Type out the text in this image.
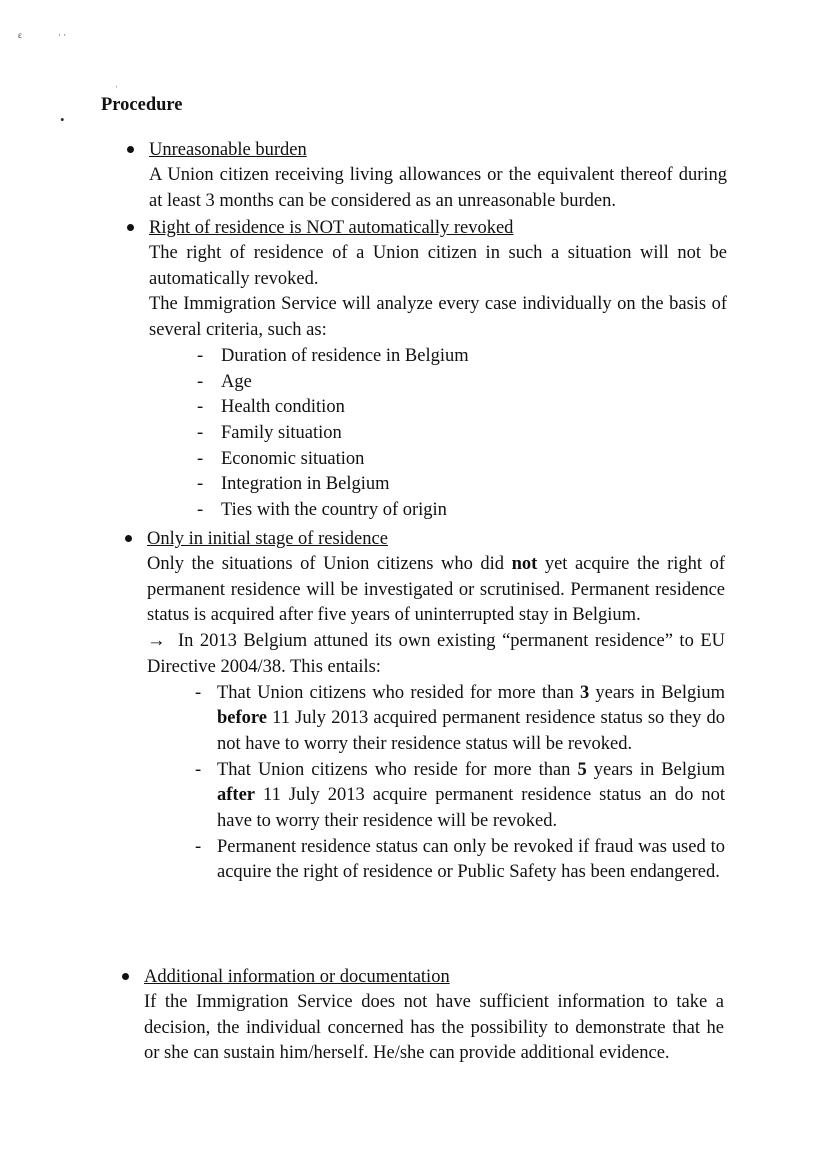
ɛ	· ·
˒
•
Procedure
Unreasonable burden

A Union citizen receiving living allowances or the equivalent thereof during at least 3 months can be considered as an unreasonable burden.

Right of residence is NOT automatically revoked

The right of residence of a Union citizen in such a situation will not be automatically revoked.

The Immigration Service will analyze every case individually on the basis of several criteria, such as:

- Duration of residence in Belgium
- Age
- Health condition
- Family situation
- Economic situation
- Integration in Belgium
- Ties with the country of origin
Only in initial stage of residence

Only the situations of Union citizens who did not yet acquire the right of permanent residence will be investigated or scrutinised. Permanent residence status is acquired after five years of uninterrupted stay in Belgium.

→ In 2013 Belgium attuned its own existing “permanent residence” to EU Directive 2004/38. This entails:

- That Union citizens who resided for more than 3 years in Belgium before 11 July 2013 acquired permanent residence status so they do not have to worry their residence status will be revoked.
- That Union citizens who reside for more than 5 years in Belgium after 11 July 2013 acquire permanent residence status an do not have to worry their residence will be revoked.
- Permanent residence status can only be revoked if fraud was used to acquire the right of residence or Public Safety has been endangered.
Additional information or documentation

If the Immigration Service does not have sufficient information to take a decision, the individual concerned has the possibility to demonstrate that he or she can sustain him/herself. He/she can provide additional evidence.
